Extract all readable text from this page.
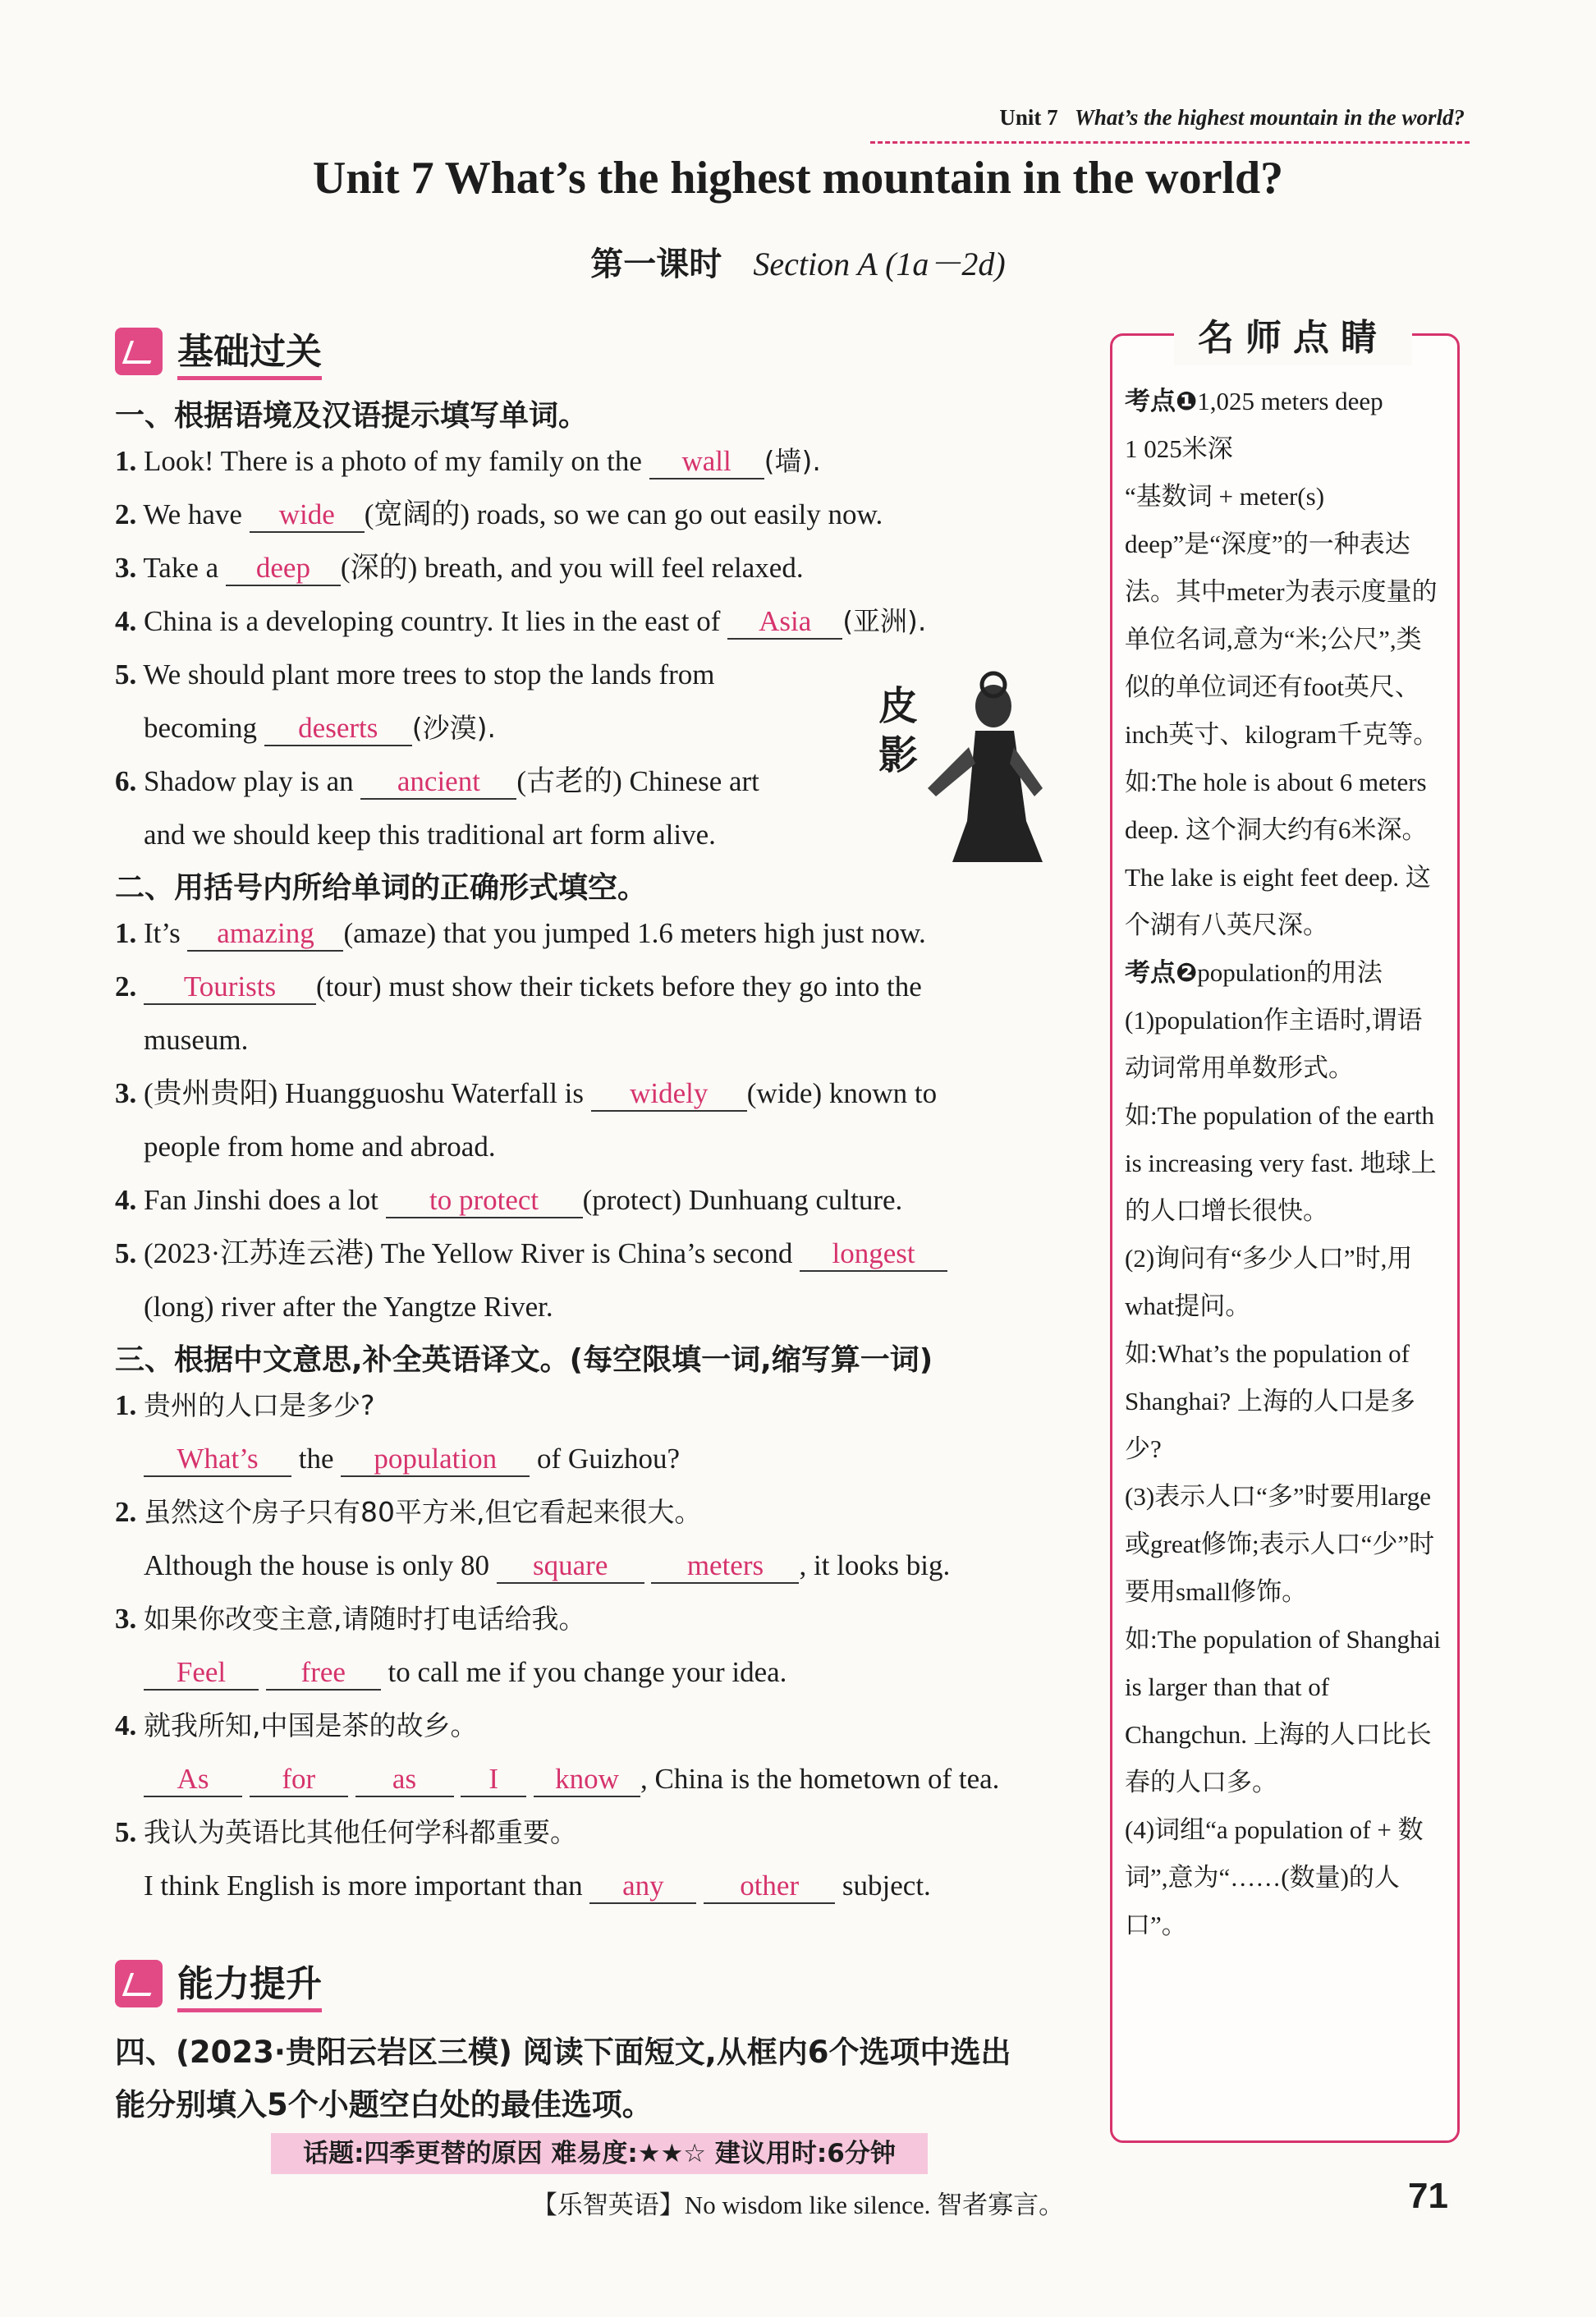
Unit 7 What’s the highest mountain in the world?
Unit 7 What’s the highest mountain in the world?
第一课时 Section A (1a－2d)
基础过关
一、根据语境及汉语提示填写单词。
1. Look! There is a photo of my family on the wall (墙).
2. We have wide (宽阔的) roads, so we can go out easily now.
3. Take a deep (深的) breath, and you will feel relaxed.
4. China is a developing country. It lies in the east of Asia (亚洲).
5. We should plant more trees to stop the lands from
becoming deserts (沙漠).
6. Shadow play is an ancient (古老的) Chinese art
and we should keep this traditional art form alive.
二、用括号内所给单词的正确形式填空。
1. It’s amazing (amaze) that you jumped 1.6 meters high just now.
2. Tourists (tour) must show their tickets before they go into the
museum.
3. (贵州贵阳) Huangguoshu Waterfall is widely (wide) known to
people from home and abroad.
4. Fan Jinshi does a lot to protect (protect) Dunhuang culture.
5. (2023·江苏连云港) The Yellow River is China’s second longest
(long) river after the Yangtze River.
三、根据中文意思,补全英语译文。(每空限填一词,缩写算一词)
1. 贵州的人口是多少?
What’s the population of Guizhou?
2. 虽然这个房子只有80平方米,但它看起来很大。
Although the house is only 80 square	meters , it looks big.
3. 如果你改变主意,请随时打电话给我。
Feel	free to call me if you change your idea.
4. 就我所知,中国是茶的故乡。
As	for	as	I know , China is the hometown of tea.
5. 我认为英语比其他任何学科都重要。
I think English is more important than any	other subject.
皮影
能力提升
四、(2023·贵阳云岩区三模) 阅读下面短文,从框内6个选项中选出
能分别填入5个小题空白处的最佳选项。
话题:四季更替的原因 难易度:★★☆ 建议用时:6分钟
【乐智英语】No wisdom like silence. 智者寡言。	71
名师点睛
考点❶1,025 meters deep
1 025米深
“基数词 + meter(s) deep”是“深度”的一种表达法。其中meter为表示度量的单位名词,意为“米;公尺”,类似的单位词还有foot英尺、inch英寸、kilogram千克等。
如:The hole is about 6 meters deep. 这个洞大约有6米深。
The lake is eight feet deep. 这个湖有八英尺深。
考点❷population的用法
(1)population作主语时,谓语动词常用单数形式。
如:The population of the earth is increasing very fast. 地球上的人口增长很快。
(2)询问有“多少人口”时,用what提问。
如:What’s the population of Shanghai? 上海的人口是多少?
(3)表示人口“多”时要用large或great修饰;表示人口“少”时要用small修饰。
如:The population of Shanghai is larger than that of Changchun. 上海的人口比长春的人口多。
(4)词组“a population of + 数词”,意为“……(数量)的人口”。
